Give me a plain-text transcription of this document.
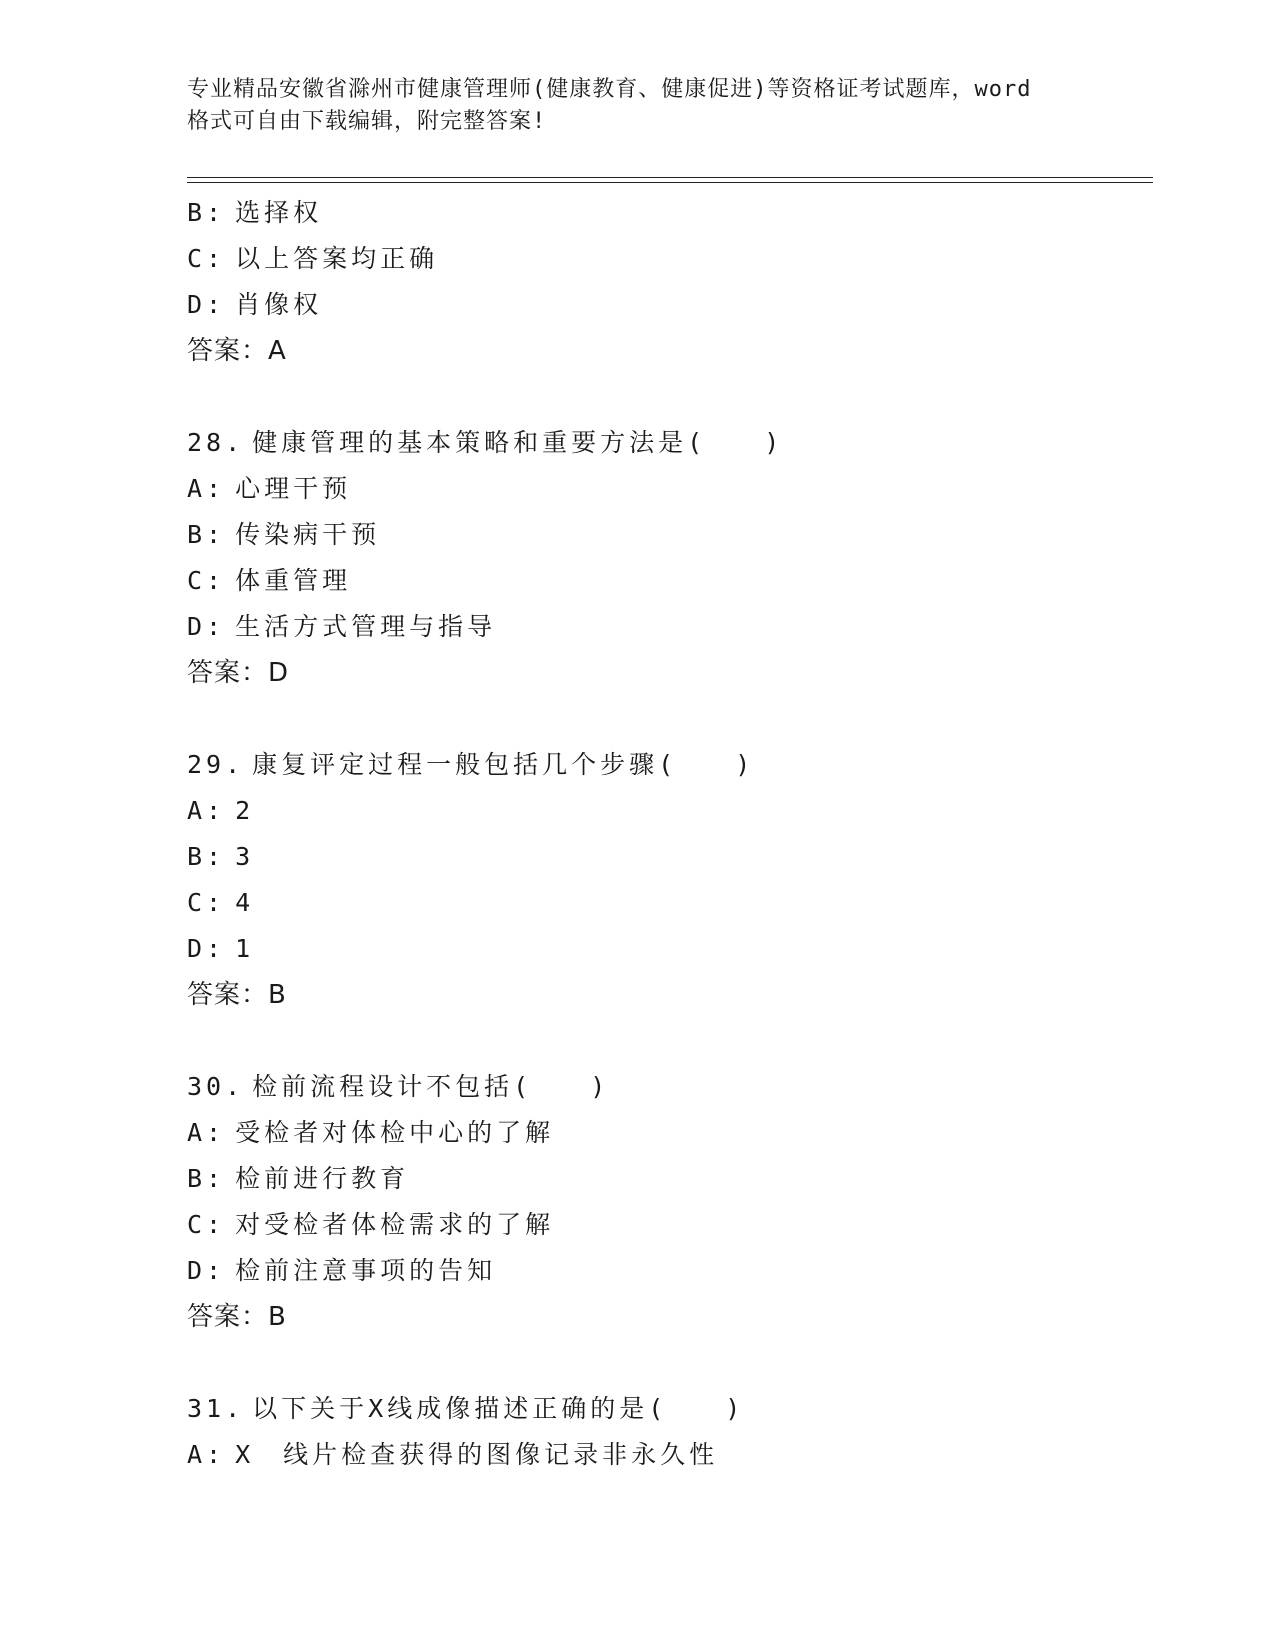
专业精品安徽省滁州市健康管理师(健康教育、健康促进)等资格证考试题库，word
格式可自由下载编辑，附完整答案!
B: 选择权
C: 以上答案均正确
D: 肖像权
答案：A
28. 健康管理的基本策略和重要方法是(　　)
A: 心理干预
B: 传染病干预
C: 体重管理
D: 生活方式管理与指导
答案：D
29. 康复评定过程一般包括几个步骤(　　)
A: 2
B: 3
C: 4
D: 1
答案：B
30. 检前流程设计不包括(　　)
A: 受检者对体检中心的了解
B: 检前进行教育
C: 对受检者体检需求的了解
D: 检前注意事项的告知
答案：B
31. 以下关于X线成像描述正确的是(　　)
A: X　线片检查获得的图像记录非永久性
